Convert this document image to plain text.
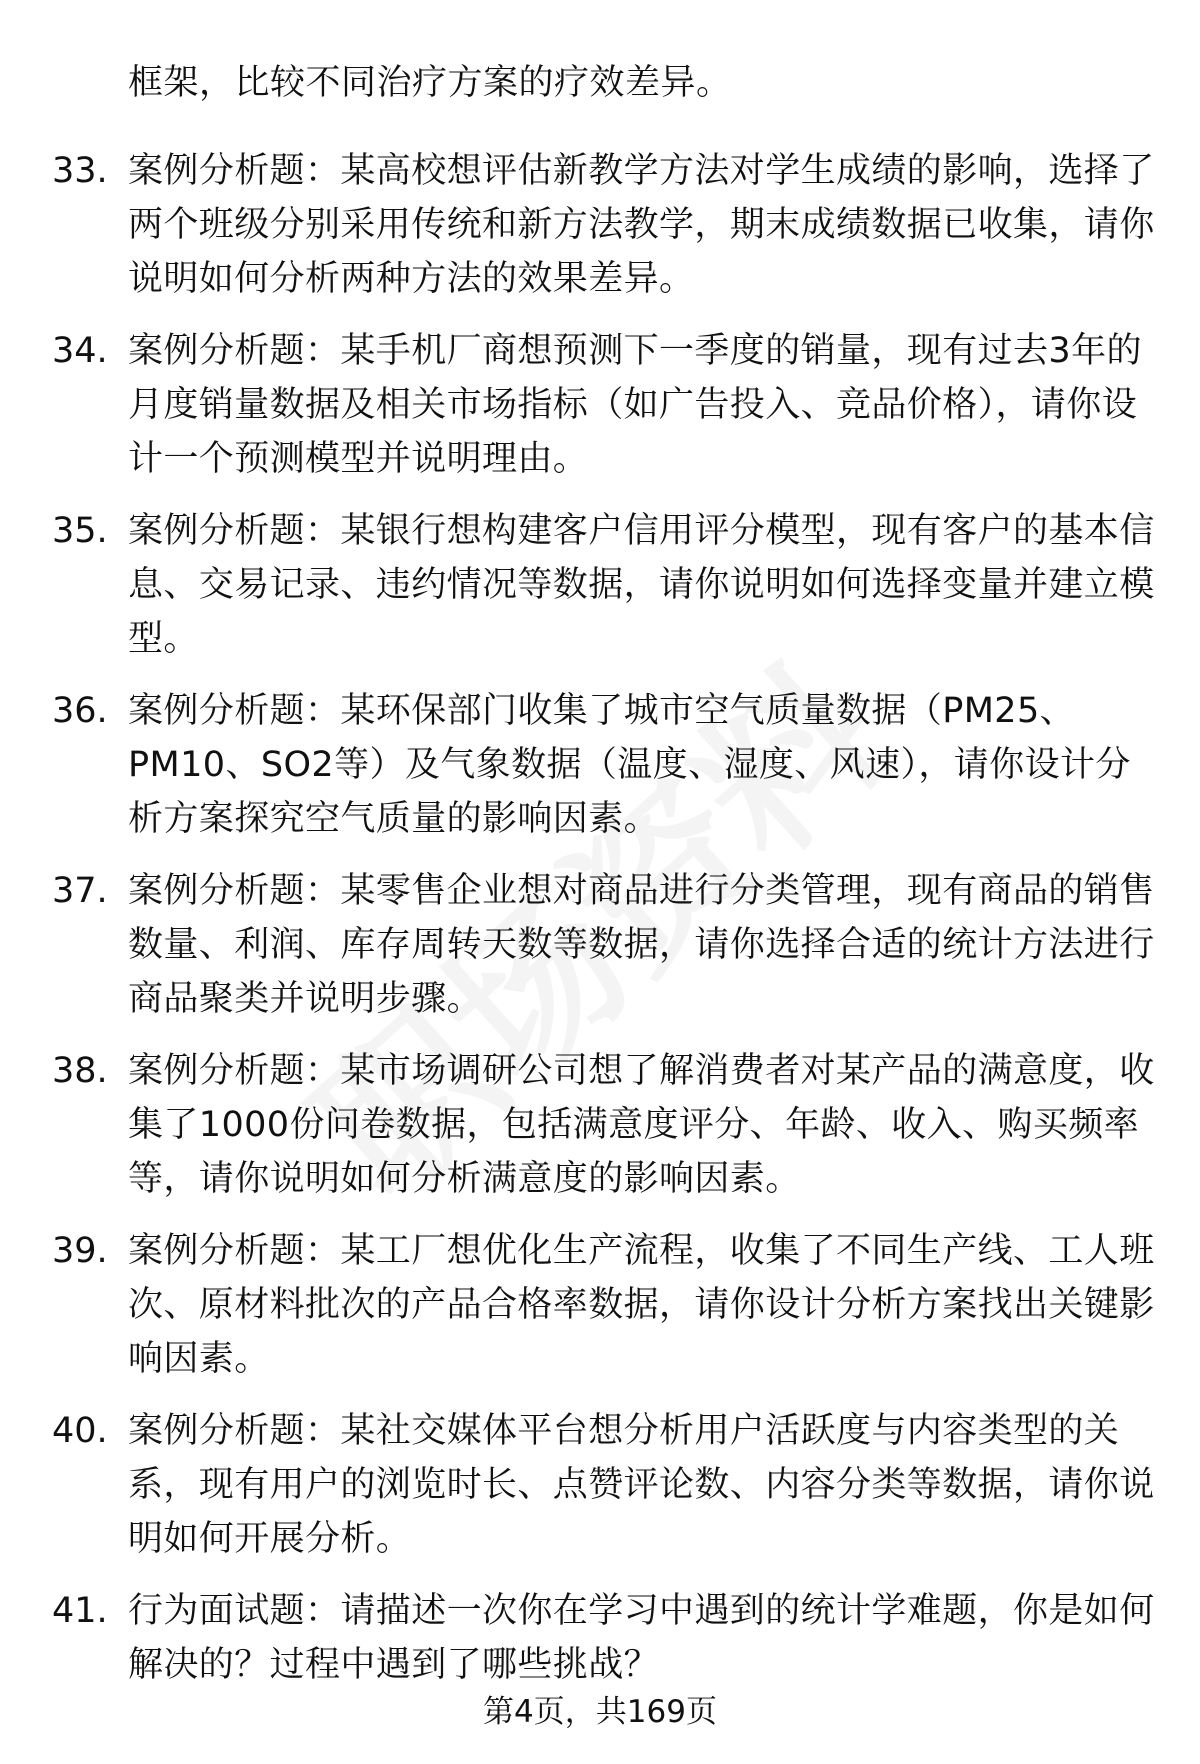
框架，比较不同治疗方案的疗效差异。
33. 案例分析题：某高校想评估新教学方法对学生成绩的影响，选择了两个班级分别采用传统和新方法教学，期末成绩数据已收集，请你说明如何分析两种方法的效果差异。
34. 案例分析题：某手机厂商想预测下一季度的销量，现有过去3年的月度销量数据及相关市场指标（如广告投入、竞品价格），请你设计一个预测模型并说明理由。
35. 案例分析题：某银行想构建客户信用评分模型，现有客户的基本信息、交易记录、违约情况等数据，请你说明如何选择变量并建立模型。
36. 案例分析题：某环保部门收集了城市空气质量数据（PM25、PM10、SO2等）及气象数据（温度、湿度、风速），请你设计分析方案探究空气质量的影响因素。
37. 案例分析题：某零售企业想对商品进行分类管理，现有商品的销售数量、利润、库存周转天数等数据，请你选择合适的统计方法进行商品聚类并说明步骤。
38. 案例分析题：某市场调研公司想了解消费者对某产品的满意度，收集了1000份问卷数据，包括满意度评分、年龄、收入、购买频率等，请你说明如何分析满意度的影响因素。
39. 案例分析题：某工厂想优化生产流程，收集了不同生产线、工人班次、原材料批次的产品合格率数据，请你设计分析方案找出关键影响因素。
40. 案例分析题：某社交媒体平台想分析用户活跃度与内容类型的关系，现有用户的浏览时长、点赞评论数、内容分类等数据，请你说明如何开展分析。
41. 行为面试题：请描述一次你在学习中遇到的统计学难题，你是如何解决的？过程中遇到了哪些挑战？
第4页，共169页
